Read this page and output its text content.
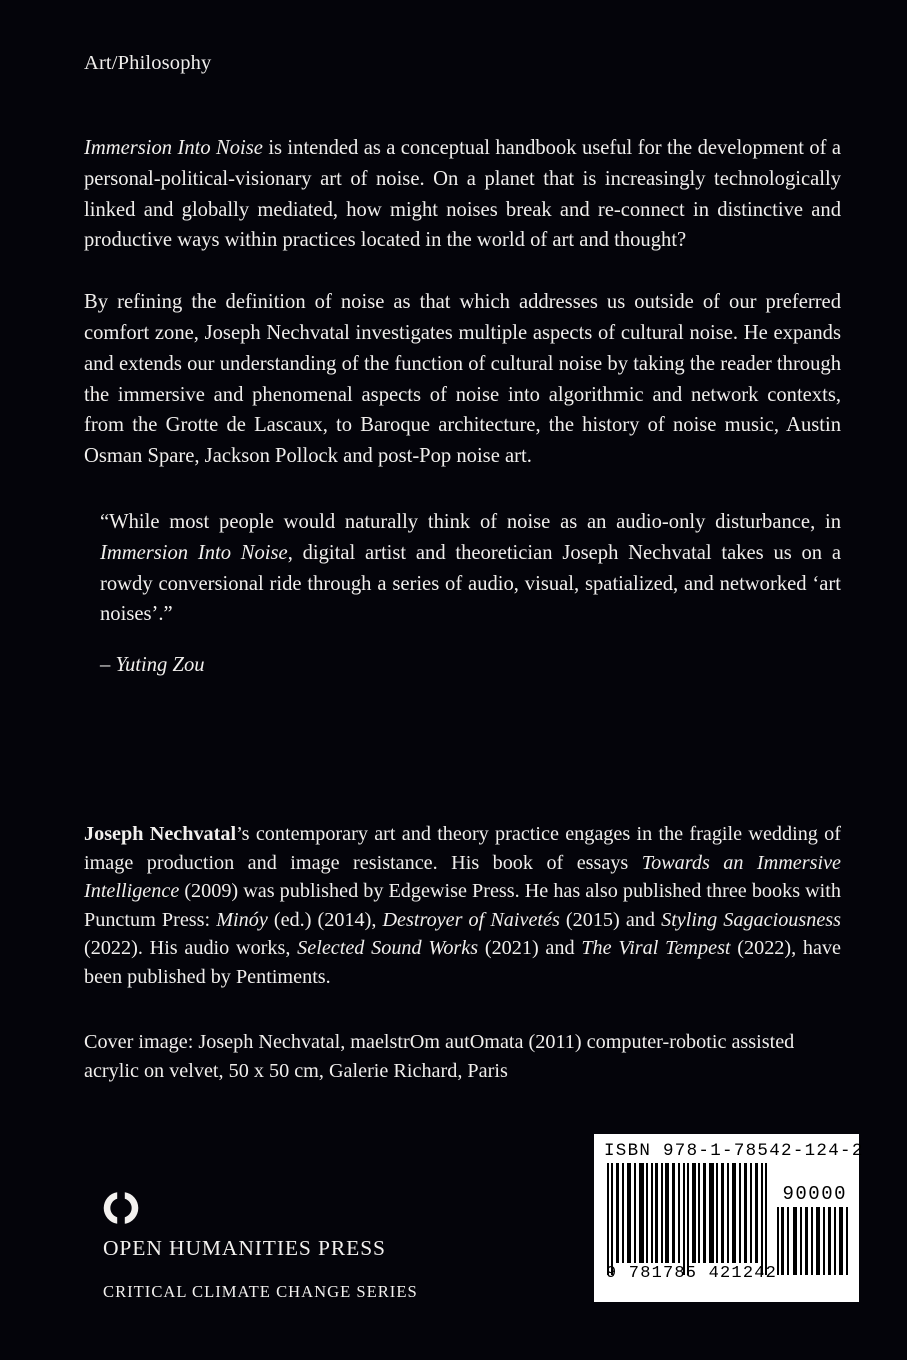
Art/Philosophy

Immersion Into Noise is intended as a conceptual handbook useful for the development of a personal-political-visionary art of noise. On a planet that is increasingly technologically linked and globally mediated, how might noises break and re-connect in distinctive and productive ways within practices located in the world of art and thought?

By refining the definition of noise as that which addresses us outside of our preferred comfort zone, Joseph Nechvatal investigates multiple aspects of cultural noise. He expands and extends our understanding of the function of cultural noise by taking the reader through the immersive and phenomenal aspects of noise into algorithmic and network contexts, from the Grotte de Lascaux, to Baroque architecture, the history of noise music, Austin Osman Spare, Jackson Pollock and post-Pop noise art.

“While most people would naturally think of noise as an audio-only disturbance, in Immersion Into Noise, digital artist and theoretician Joseph Nechvatal takes us on a rowdy conversional ride through a series of audio, visual, spatialized, and networked ‘art noises’.”

– Yuting Zou

Joseph Nechvatal’s contemporary art and theory practice engages in the fragile wedding of image production and image resistance. His book of essays Towards an Immersive Intelligence (2009) was published by Edgewise Press. He has also published three books with Punctum Press: Minóy (ed.) (2014), Destroyer of Naivetés (2015) and Styling Sagaciousness (2022). His audio works, Selected Sound Works (2021) and The Viral Tempest (2022), have been published by Pentiments.

Cover image: Joseph Nechvatal, maelstrOm autOmata (2011) computer-robotic assisted acrylic on velvet, 50 x 50 cm, Galerie Richard, Paris

OPEN HUMANITIES PRESS
CRITICAL CLIMATE CHANGE SERIES
ISBN 978-1-78542-124-2
90000
9 781785 421242
